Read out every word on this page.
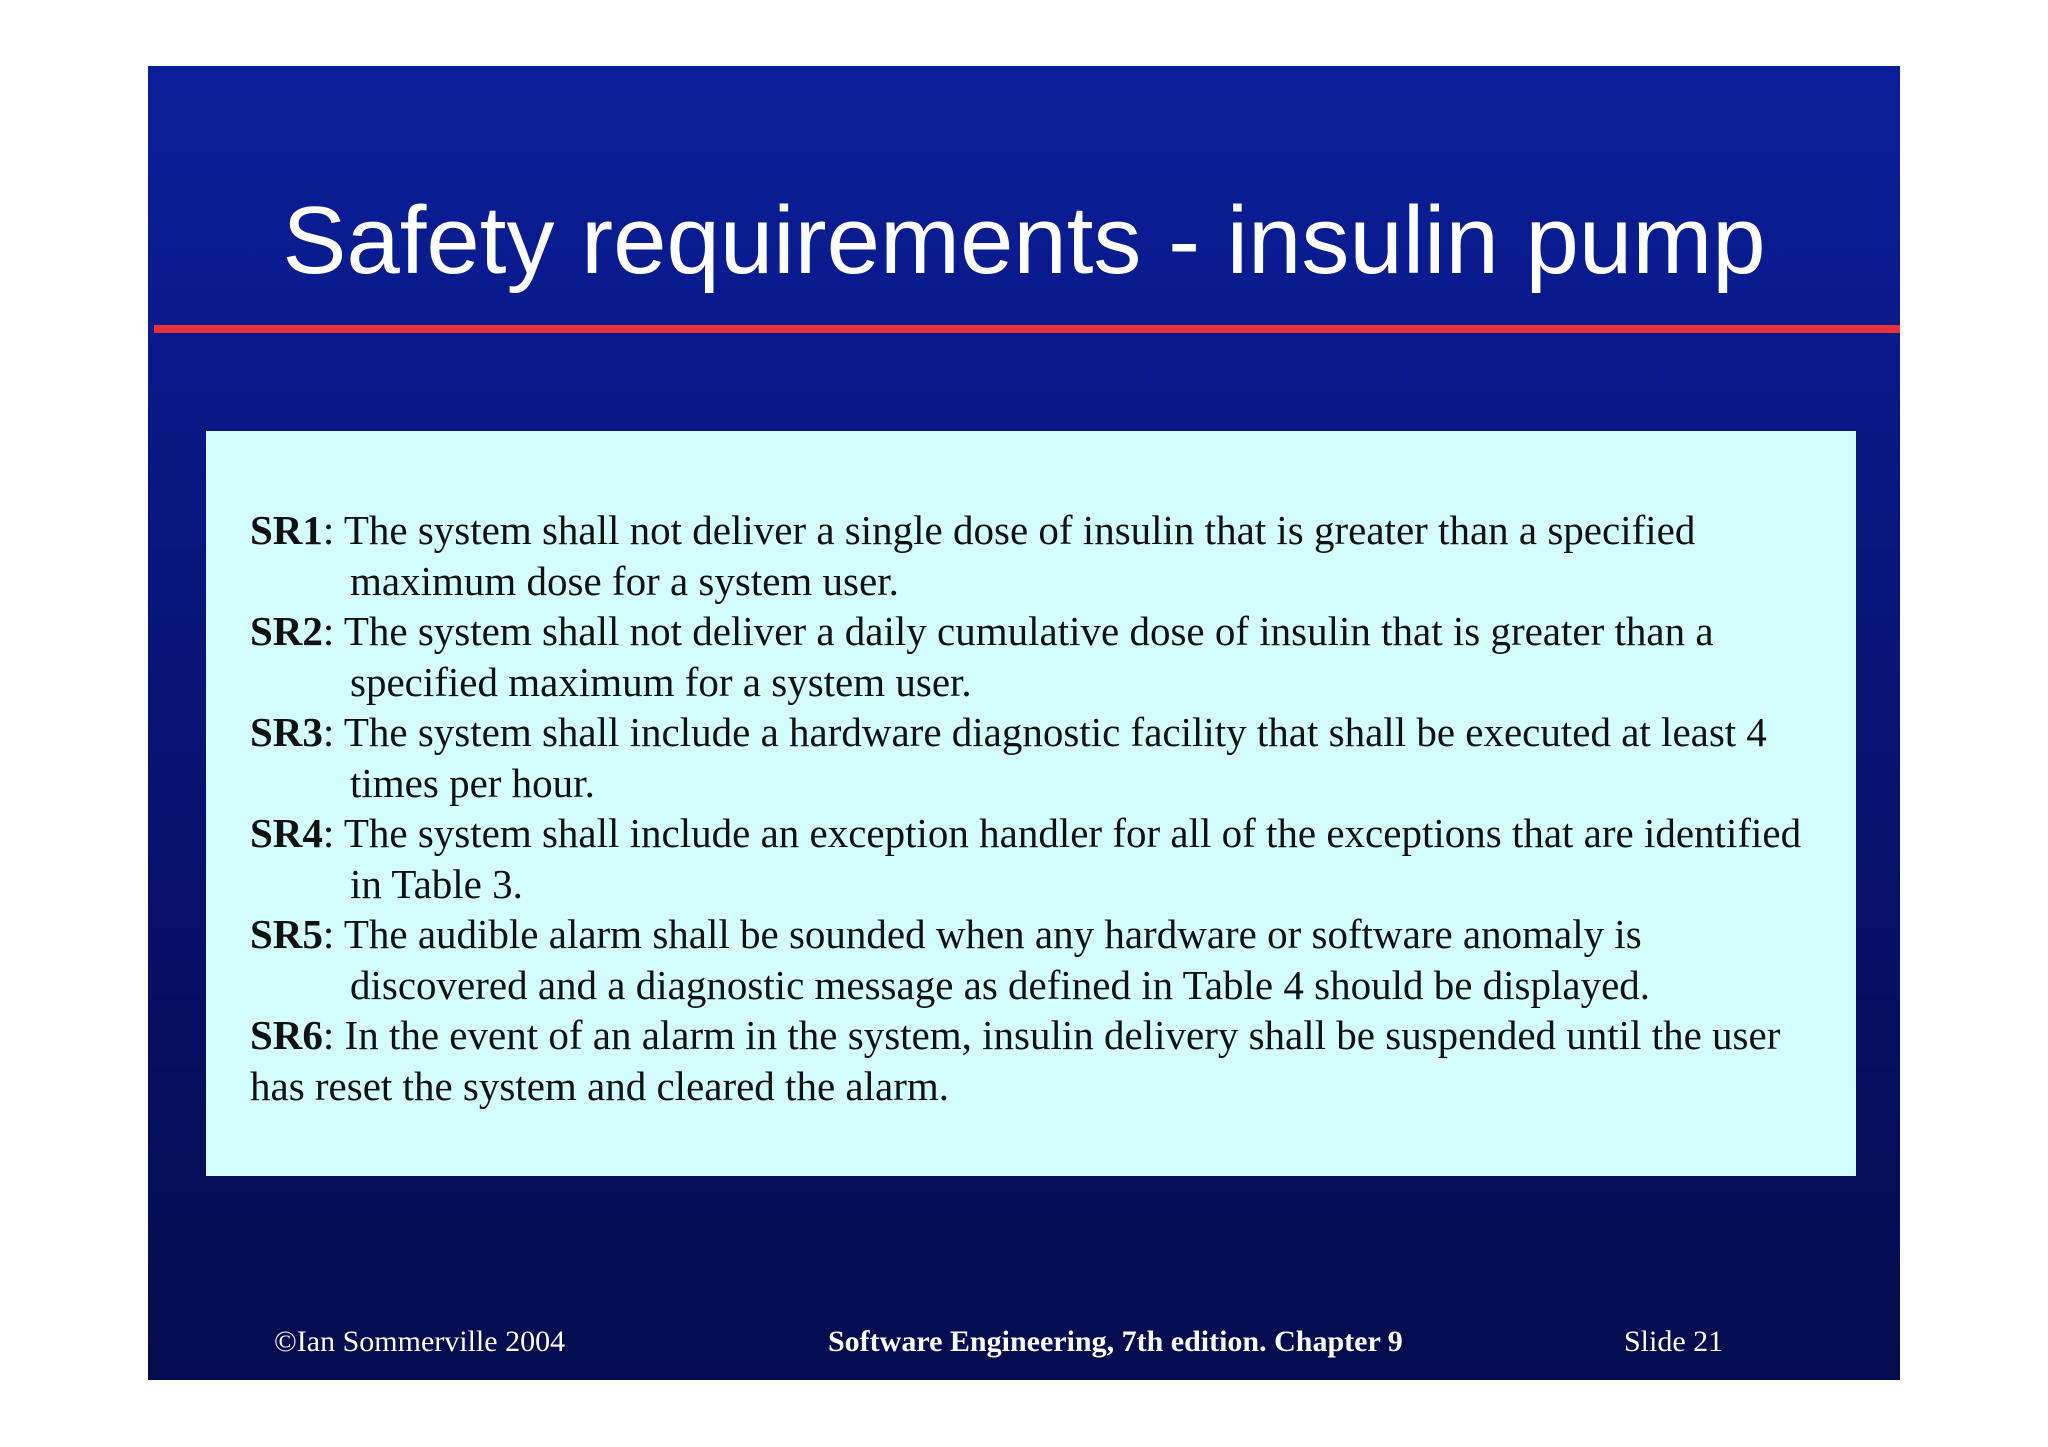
Safety requirements - insulin pump

SR1: The system shall not deliver a single dose of insulin that is greater than a specified maximum dose for a system user.

SR2: The system shall not deliver a daily cumulative dose of insulin that is greater than a specified maximum for a system user.

SR3: The system shall include a hardware diagnostic facility that shall be executed at least 4 times per hour.

SR4: The system shall include an exception handler for all of the exceptions that are identified in Table 3.

SR5: The audible alarm shall be sounded when any hardware or software anomaly is discovered and a diagnostic message as defined in Table 4 should be displayed.

SR6: In the event of an alarm in the system, insulin delivery shall be suspended until the user has reset the system and cleared the alarm.

©Ian Sommerville 2004	Software Engineering, 7th edition. Chapter 9	Slide 21
